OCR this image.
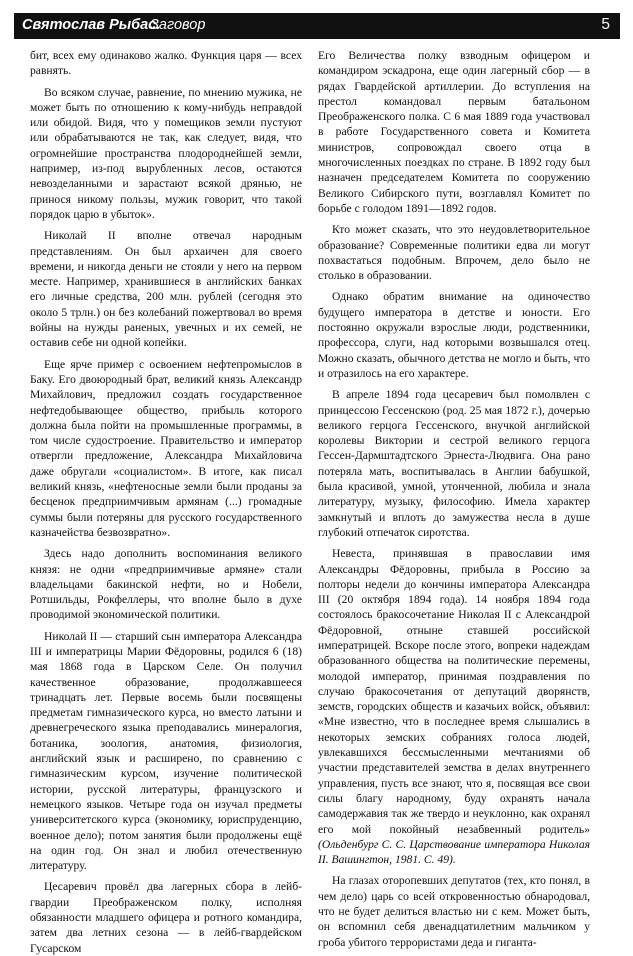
Святослав Рыбас.
Заговор	5

бит, всех ему одинаково жалко. Функция царя — всех равнять.

Во всяком случае, равнение, по мнению мужика, не может быть по отношению к кому-нибудь неправдой или обидой. Видя, что у помещиков земли пустуют или обрабатываются не так, как следует, видя, что огромнейшие пространства плодороднейшей земли, например, из-под вырубленных лесов, остаются невозделанными и зарастают всякой дрянью, не принося никому пользы, мужик говорит, что такой порядок царю в убыток».

Николай II вполне отвечал народным представлениям. Он был архаичен для своего времени, и никогда деньги не стояли у него на первом месте. Например, хранившиеся в английских банках его личные средства, 200 млн. рублей (сегодня это около 5 трлн.) он без колебаний пожертвовал во время войны на нужды раненых, увечных и их семей, не оставив себе ни одной копейки.

Еще ярче пример с освоением нефтепромыслов в Баку. Его двоюродный брат, великий князь Александр Михайлович, предложил создать государственное нефтедобывающее общество, прибыль которого должна была пойти на промышленные программы, в том числе судостроение. Правительство и император отвергли предложение, Александра Михайловича даже обругали «социалистом». В итоге, как писал великий князь, «нефтеносные земли были проданы за бесценок предприимчивым армянам (...) громадные суммы были потеряны для русского государственного казначейства безвозвратно».

Здесь надо дополнить воспоминания великого князя: не одни «предприимчивые армяне» стали владельцами бакинской нефти, но и Нобели, Ротшильды, Рокфеллеры, что вполне было в духе проводимой экономической политики.

Николай II — старший сын императора Александра III и императрицы Марии Фёдоровны, родился 6 (18) мая 1868 года в Царском Селе. Он получил качественное образование, продолжавшееся тринадцать лет. Первые восемь были посвящены предметам гимназического курса, но вместо латыни и древнегреческого языка преподавались минералогия, ботаника, зоология, анатомия, физиология, английский язык и расширено, по сравнению с гимназическим курсом, изучение политической истории, русской литературы, французского и немецкого языков. Четыре года он изучал предметы университетского курса (экономику, юриспруденцию, военное дело); потом занятия были продолжены ещё на один год. Он знал и любил отечественную литературу.

Цесаревич провёл два лагерных сбора в лейб-гвардии Преображенском полку, исполняя обязанности младшего офицера и ротного командира, затем два летних сезона — в лейб-гвардейском Гусарском

Его Величества полку взводным офицером и командиром эскадрона, еще один лагерный сбор — в рядах Гвардейской артиллерии. До вступления на престол командовал первым батальоном Преображенского полка. С 6 мая 1889 года участвовал в работе Государственного совета и Комитета министров, сопровождал своего отца в многочисленных поездках по стране. В 1892 году был назначен председателем Комитета по сооружению Великого Сибирского пути, возглавлял Комитет по борьбе с голодом 1891—1892 годов.

Кто может сказать, что это неудовлетворительное образование? Современные политики едва ли могут похвастаться подобным. Впрочем, дело было не столько в образовании.

Однако обратим внимание на одиночество будущего императора в детстве и юности. Его постоянно окружали взрослые люди, родственники, профессора, слуги, над которыми возвышался отец. Можно сказать, обычного детства не могло и быть, что и отразилось на его характере.

В апреле 1894 года цесаревич был помолвлен с принцессою Гессенскою (род. 25 мая 1872 г.), дочерью великого герцога Гессенского, внучкой английской королевы Виктории и сестрой великого герцога Гессен-Дармштадтского Эрнеста-Людвига. Она рано потеряла мать, воспитывалась в Англии бабушкой, была красивой, умной, утонченной, любила и знала литературу, музыку, философию. Имела характер замкнутый и вплоть до замужества несла в душе глубокий отпечаток сиротства.

Невеста, принявшая в православии имя Александры Фёдоровны, прибыла в Россию за полторы недели до кончины императора Александра III (20 октября 1894 года). 14 ноября 1894 года состоялось бракосочетание Николая II с Александрой Фёдоровной, отныне ставшей российской императрицей. Вскоре после этого, вопреки надеждам образованного общества на политические перемены, молодой император, принимая поздравления по случаю бракосочетания от депутаций дворянств, земств, городских обществ и казачьих войск, объявил: «Мне известно, что в последнее время слышались в некоторых земских собраниях голоса людей, увлекавшихся бессмысленными мечтаниями об участии представителей земства в делах внутреннего управления, пусть все знают, что я, посвящая все свои силы благу народному, буду охранять начала самодержавия так же твердо и неуклонно, как охранял его мой покойный незабвенный родитель» (Ольденбург С. С. Царствование императора Николая II. Вашингтон, 1981. С. 49).

На глазах оторопевших депутатов (тех, кто понял, в чем дело) царь со всей откровенностью обнародовал, что не будет делиться властью ни с кем. Может быть, он вспомнил себя двенадцатилетним мальчиком у гроба убитого террористами деда и гиганта-
